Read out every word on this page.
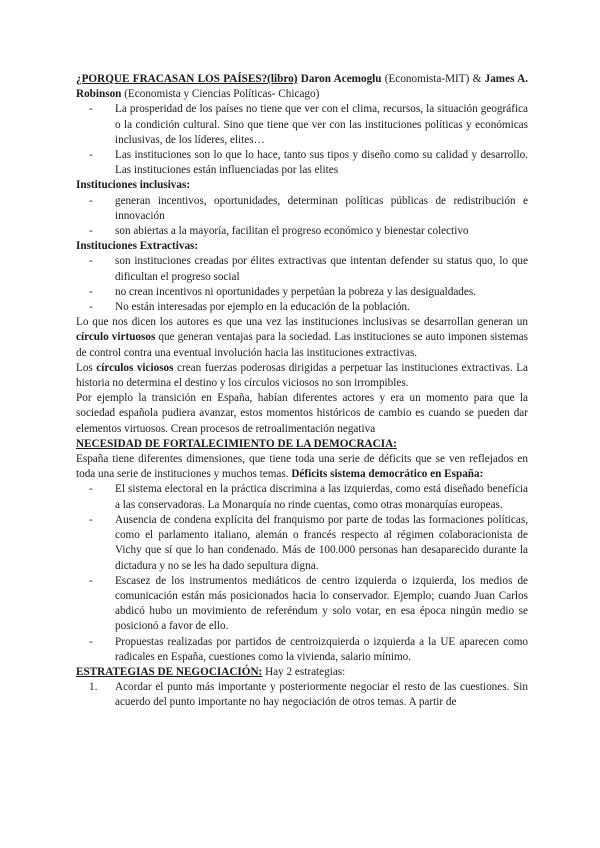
¿PORQUE FRACASAN LOS PAÍSES?(libro) Daron Acemoglu (Economista-MIT) & James A. Robinson (Economista y Ciencias Políticas- Chicago)

- La prosperidad de los países no tiene que ver con el clima, recursos, la situación geográfica o la condición cultural. Sino que tiene que ver con las instituciones políticas y económicas inclusivas, de los líderes, elites…
- Las instituciones son lo que lo hace, tanto sus tipos y diseño como su calidad y desarrollo. Las instituciones están influenciadas por las elites

Instituciones inclusivas:

- generan incentivos, oportunidades, determinan políticas públicas de redistribución e innovación
- son abiertas a la mayoría, facilitan el progreso económico y bienestar colectivo

Instituciones Extractivas:

- son instituciones creadas por élites extractivas que intentan defender su status quo, lo que dificultan el progreso social
- no crean incentivos ni oportunidades y perpetúan la pobreza y las desigualdades.
- No están interesadas por ejemplo en la educación de la población.

Lo que nos dicen los autores es que una vez las instituciones inclusivas se desarrollan generan un círculo virtuosos que generan ventajas para la sociedad. Las instituciones se auto imponen sistemas de control contra una eventual involución hacia las instituciones extractivas.

Los círculos viciosos crean fuerzas poderosas dirigidas a perpetuar las instituciones extractivas. La historia no determina el destino y los círculos viciosos no son irrompibles.

Por ejemplo la transición en España, habían diferentes actores y era un momento para que la sociedad española pudiera avanzar, estos momentos históricos de cambio es cuando se pueden dar elementos virtuosos. Crean procesos de retroalimentación negativa

NECESIDAD DE FORTALECIMIENTO DE LA DEMOCRACIA:

España tiene diferentes dimensiones, que tiene toda una serie de déficits que se ven reflejados en toda una serie de instituciones y muchos temas. Déficits sistema democrático en España:

- El sistema electoral en la práctica discrimina a las izquierdas, como está diseñado benefícia a las conservadoras. La Monarquía no rinde cuentas, como otras monarquías europeas.
- Ausencia de condena explícita del franquismo por parte de todas las formaciones políticas, como el parlamento italiano, alemán o francés respecto al régimen colaboracionista de Vichy que sí que lo han condenado. Más de 100.000 personas han desaparecido durante la dictadura y no se les ha dado sepultura digna.
- Escasez de los instrumentos mediáticos de centro izquierda o izquierda, los medios de comunicación están más posicionados hacia lo conservador. Ejemplo; cuando Juan Carlos abdicó hubo un movimiento de referéndum y solo votar, en esa época ningún medio se posicionó a favor de ello.
- Propuestas realizadas por partidos de centroizquierda o izquierda a la UE aparecen como radicales en España, cuestiones como la vivienda, salario mínimo.

ESTRATEGIAS DE NEGOCIACIÓN: Hay 2 estrategias:

1. Acordar el punto más importante y posteriormente negociar el resto de las cuestiones. Sin acuerdo del punto importante no hay negociación de otros temas. A partir de
